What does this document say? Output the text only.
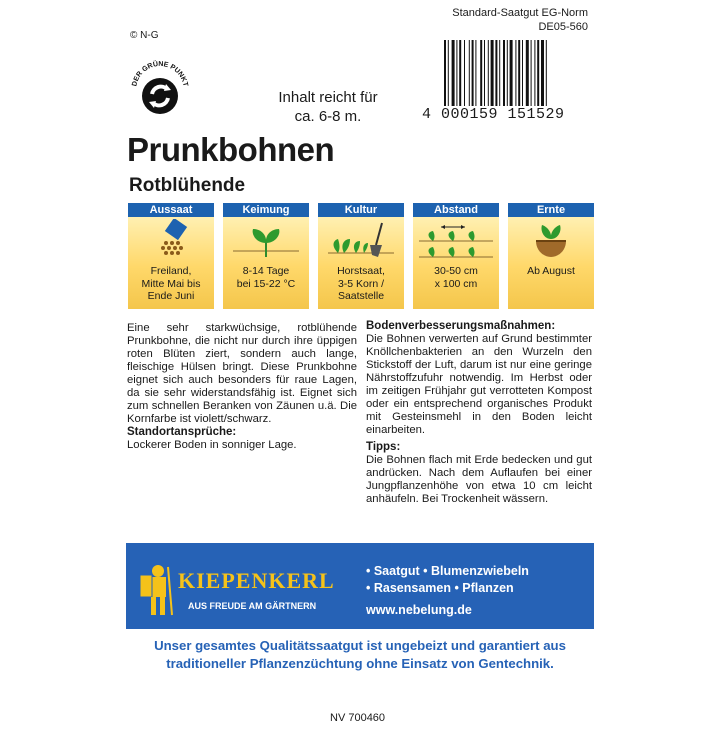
© N-G
Standard-Saatgut EG-Norm
DE05-560
DER GRÜNE PUNKT
Inhalt reicht für
ca. 6-8 m.	4 000159 151529
Prunkbohnen
Rotblühende
Aussaat
Freiland,
Mitte Mai bis
Ende Juni
Keimung
8-14 Tage
bei 15-22 °C
Kultur
Horstsaat,
3-5 Korn /
Saatstelle
Abstand
30-50 cm
x 100 cm
Ernte
Ab August
Eine sehr starkwüchsige, rotblühende Prunkbohne, die nicht nur durch ihre üppigen roten Blüten ziert, sondern auch lange, fleischige Hülsen bringt. Diese Prunkbohne eignet sich auch besonders für raue Lagen, da sie sehr widerstandsfähig ist. Eignet sich zum schnellen Beranken von Zäunen u.ä. Die Kornfarbe ist violett/schwarz.
Standortansprüche:
Lockerer Boden in sonniger Lage.
Bodenverbesserungsmaßnahmen:
Die Bohnen verwerten auf Grund bestimmter Knöllchenbakterien an den Wurzeln den Stickstoff der Luft, darum ist nur eine geringe Nährstoffzufuhr notwendig. Im Herbst oder im zeitigen Frühjahr gut verrotteten Kompost oder ein entsprechend organisches Produkt mit Gesteinsmehl in den Boden leicht einarbeiten.
Tipps:
Die Bohnen flach mit Erde bedecken und gut andrücken. Nach dem Auflaufen bei einer Jungpflanzenhöhe von etwa 10 cm leicht anhäufeln. Bei Trockenheit wässern.
KIEPENKERL
AUS FREUDE AM GÄRTNERN
• Saatgut • Blumenzwiebeln
• Rasensamen • Pflanzen
www.nebelung.de
Unser gesamtes Qualitätssaatgut ist ungebeizt und garantiert aus
traditioneller Pflanzenzüchtung ohne Einsatz von Gentechnik.
NV 700460
